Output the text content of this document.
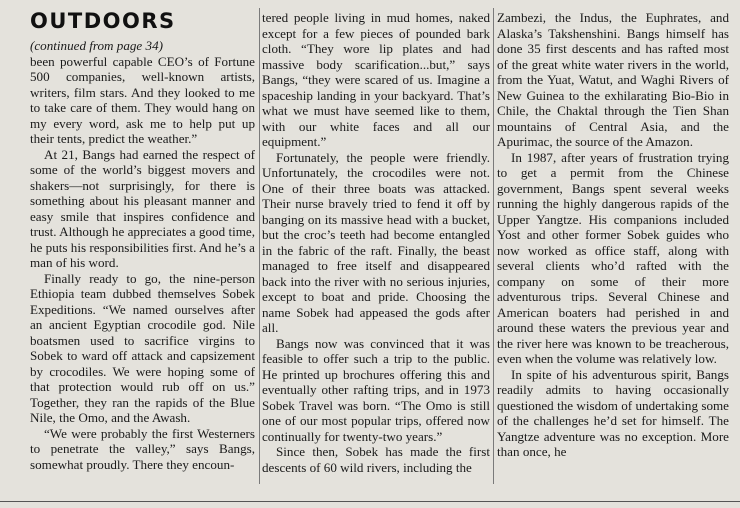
OUTDOORS

(continued from page 34)

been powerful capable CEO’s of Fortune 500 companies, well-known artists, writers, film stars. And they looked to me to take care of them. They would hang on my every word, ask me to help put up their tents, predict the weather.”

At 21, Bangs had earned the respect of some of the world’s biggest movers and shakers—not surprisingly, for there is something about his pleasant manner and easy smile that inspires confidence and trust. Although he appreciates a good time, he puts his responsibilities first. And he’s a man of his word.

Finally ready to go, the nine-person Ethiopia team dubbed themselves Sobek Expeditions. “We named ourselves after an ancient Egyptian crocodile god. Nile boatsmen used to sacrifice virgins to Sobek to ward off attack and capsizement by crocodiles. We were hoping some of that protection would rub off on us.” Together, they ran the rapids of the Blue Nile, the Omo, and the Awash.

“We were probably the first Westerners to penetrate the valley,” says Bangs, somewhat proudly. There they encoun-

tered people living in mud homes, naked except for a few pieces of pounded bark cloth. “They wore lip plates and had massive body scarification...but,” says Bangs, “they were scared of us. Imagine a spaceship landing in your backyard. That’s what we must have seemed like to them, with our white faces and all our equipment.”

Fortunately, the people were friendly. Unfortunately, the crocodiles were not. One of their three boats was attacked. Their nurse bravely tried to fend it off by banging on its massive head with a bucket, but the croc’s teeth had become entangled in the fabric of the raft. Finally, the beast managed to free itself and disappeared back into the river with no serious injuries, except to boat and pride. Choosing the name Sobek had appeased the gods after all.

Bangs now was convinced that it was feasible to offer such a trip to the public. He printed up brochures offering this and eventually other rafting trips, and in 1973 Sobek Travel was born. “The Omo is still one of our most popular trips, offered now continually for twenty-two years.”

Since then, Sobek has made the first descents of 60 wild rivers, including the

Zambezi, the Indus, the Euphrates, and Alaska’s Takshenshini. Bangs himself has done 35 first descents and has rafted most of the great white water rivers in the world, from the Yuat, Watut, and Waghi Rivers of New Guinea to the exhilarating Bio-Bio in Chile, the Chaktal through the Tien Shan mountains of Central Asia, and the Apurimac, the source of the Amazon.

In 1987, after years of frustration trying to get a permit from the Chinese government, Bangs spent several weeks running the highly dangerous rapids of the Upper Yangtze. His companions included Yost and other former Sobek guides who now worked as office staff, along with several clients who’d rafted with the company on some of their more adventurous trips. Several Chinese and American boaters had perished in and around these waters the previous year and the river here was known to be treacherous, even when the volume was relatively low.

In spite of his adventurous spirit, Bangs readily admits to having occasionally questioned the wisdom of undertaking some of the challenges he’d set for himself. The Yangtze adventure was no exception. More than once, he
